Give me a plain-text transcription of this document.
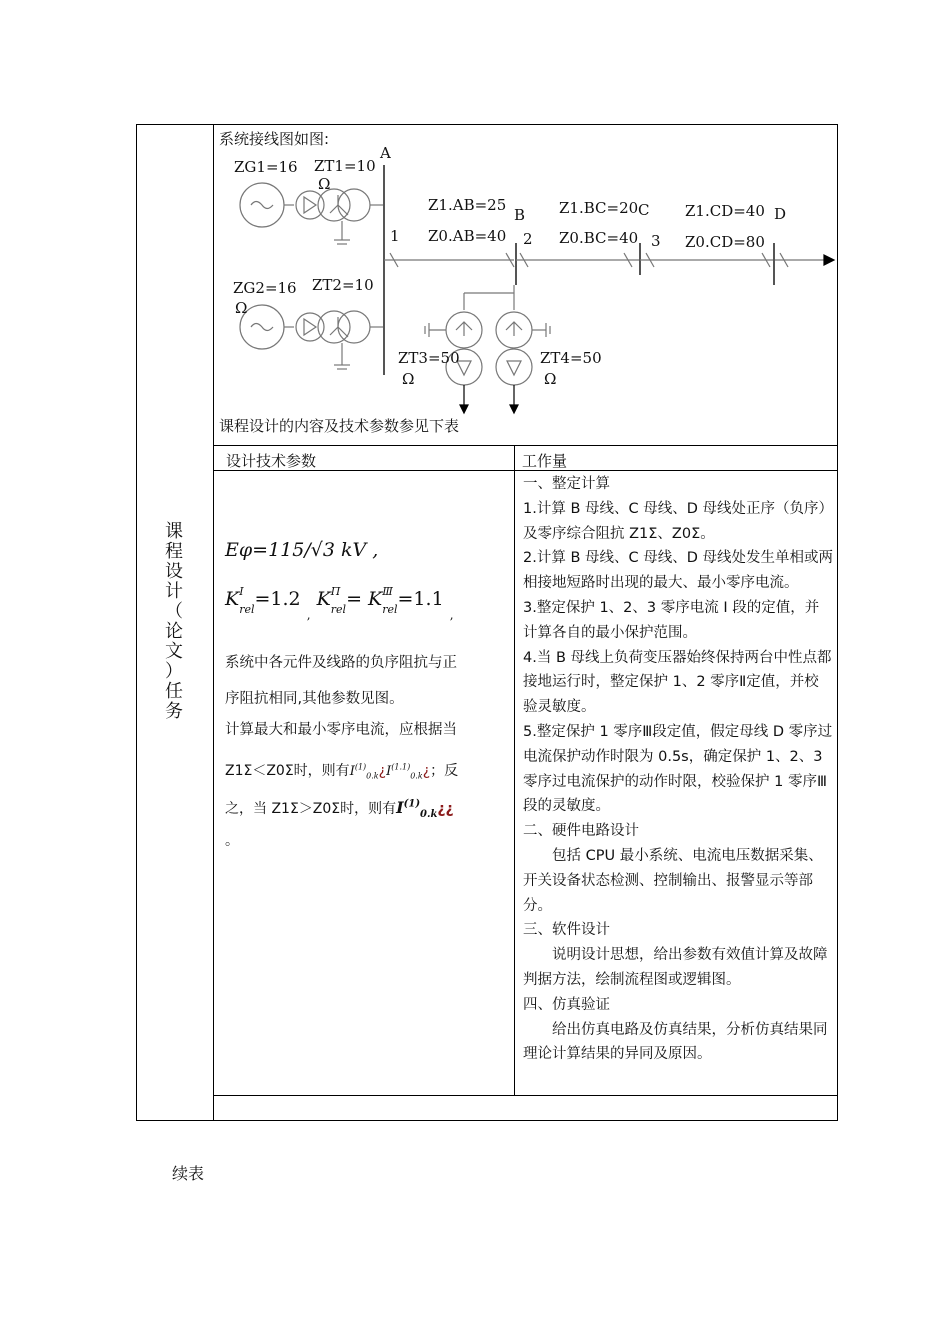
课
程
设
计
（
论
文
）
任
务
系统接线图如图:
A
B	C	D
1	2	3
ZG1=16 ZT1=10
Ω
ZG2=16
Ω
ZT2=10
Z1.AB=25
Z0.AB=40
Z1.BC=20
Z0.BC=40
Z1.CD=40
Z0.CD=80
ZT3=50
Ω
ZT4=50
Ω
课程设计的内容及技术参数参见下表
设计技术参数	工作量
Eφ=115/√3 kV ,
K I
rel=1.2 $_,$ K Π
rel= K Ⅲ
rel=1.1 $_,$
系统中各元件及线路的负序阻抗与正
序阻抗相同,其他参数见图。
计算最大和最小零序电流，应根据当
Z1Σ＜Z0Σ时，则有$I^{(1)}_{0.k}¿I^{(1.1)}_{0.k}¿$；反
之，当 Z1Σ＞Z0Σ时，则有$I^{(1)}_{0.k}¿¿$
。
一、整定计算
1.计算 B 母线、C 母线、D 母线处正序（负序）及零序综合阻抗 Z1Σ、Z0Σ。
2.计算 B 母线、C 母线、D 母线处发生单相或两相接地短路时出现的最大、最小零序电流。
3.整定保护 1、2、3 零序电流 I 段的定值，并计算各自的最小保护范围。
4.当 B 母线上负荷变压器始终保持两台中性点都接地运行时，整定保护 1、2 零序Ⅱ定值，并校验灵敏度。
5.整定保护 1 零序Ⅲ段定值，假定母线 D 零序过电流保护动作时限为 0.5s，确定保护 1、2、3 零序过电流保护的动作时限，校验保护 1 零序Ⅲ段的灵敏度。
二、硬件电路设计
　　包括 CPU 最小系统、电流电压数据采集、开关设备状态检测、控制输出、报警显示等部分。
三、软件设计
　　说明设计思想，给出参数有效值计算及故障判据方法，绘制流程图或逻辑图。
四、仿真验证
　　给出仿真电路及仿真结果，分析仿真结果同理论计算结果的异同及原因。
续表
